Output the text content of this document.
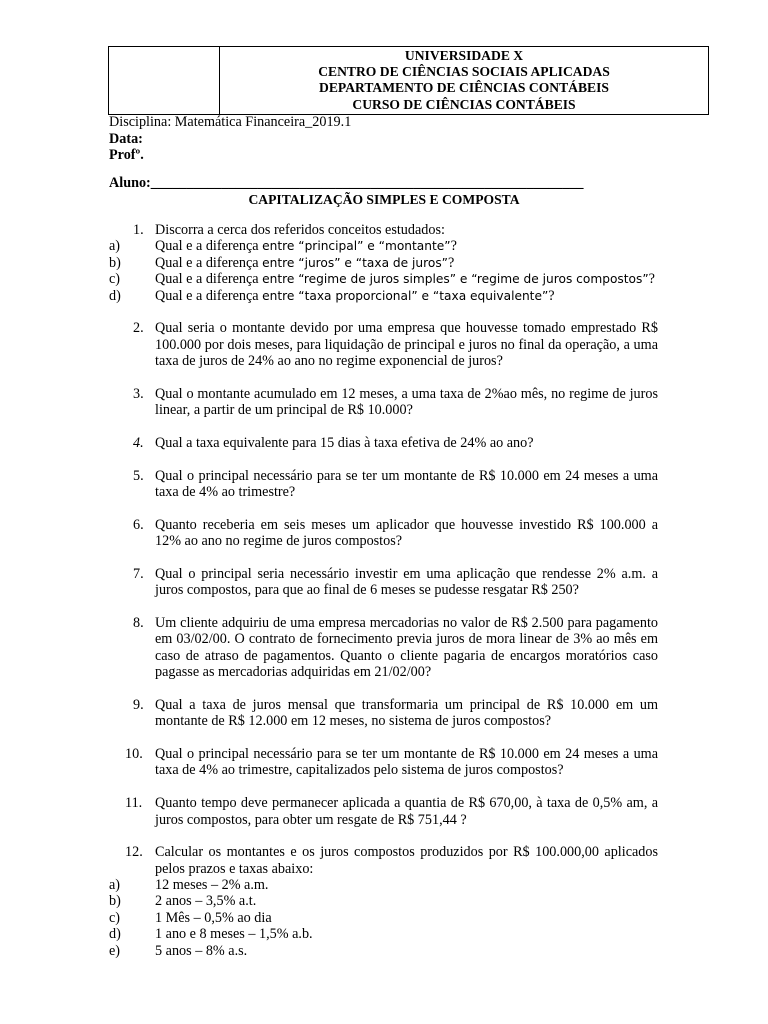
UNIVERSIDADE X
CENTRO DE CIÊNCIAS SOCIAIS APLICADAS
DEPARTAMENTO DE CIÊNCIAS CONTÁBEIS
CURSO DE CIÊNCIAS CONTÁBEIS
Disciplina: Matemática Financeira_2019.1
Data:
Profº.
Aluno:_____________________________________________________________
CAPITALIZAÇÃO SIMPLES E COMPOSTA
1. Discorra a cerca dos referidos conceitos estudados:
a) Qual e a diferença entre “principal” e “montante”?
b) Qual e a diferença entre “juros” e “taxa de juros”?
c) Qual e a diferença entre “regime de juros simples” e “regime de juros compostos”?
d) Qual e a diferença entre “taxa proporcional” e “taxa equivalente”?
2. Qual seria o montante devido por uma empresa que houvesse tomado emprestado R$ 100.000 por dois meses, para liquidação de principal e juros no final da operação, a uma taxa de juros de 24% ao ano no regime exponencial de juros?
3. Qual o montante acumulado em 12 meses, a uma taxa de 2%ao mês, no regime de juros linear, a partir de um principal de R$ 10.000?
4. Qual a taxa equivalente para 15 dias à taxa efetiva de 24% ao ano?
5. Qual o principal necessário para se ter um montante de R$ 10.000 em 24 meses a uma taxa de 4% ao trimestre?
6. Quanto receberia em seis meses um aplicador que houvesse investido R$ 100.000 a 12% ao ano no regime de juros compostos?
7. Qual o principal seria necessário investir em uma aplicação que rendesse 2% a.m. a juros compostos, para que ao final de 6 meses se pudesse resgatar R$ 250?
8. Um cliente adquiriu de uma empresa mercadorias no valor de R$ 2.500 para pagamento em 03/02/00. O contrato de fornecimento previa juros de mora linear de 3% ao mês em caso de atraso de pagamentos. Quanto o cliente pagaria de encargos moratórios caso pagasse as mercadorias adquiridas em 21/02/00?
9. Qual a taxa de juros mensal que transformaria um principal de R$ 10.000 em um montante de R$ 12.000 em 12 meses, no sistema de juros compostos?
10. Qual o principal necessário para se ter um montante de R$ 10.000 em 24 meses a uma taxa de 4% ao trimestre, capitalizados pelo sistema de juros compostos?
11. Quanto tempo deve permanecer aplicada a quantia de R$ 670,00, à taxa de 0,5% am, a juros compostos, para obter um resgate de R$ 751,44 ?
12. Calcular os montantes e os juros compostos produzidos por R$ 100.000,00 aplicados pelos prazos e taxas abaixo:
a) 12 meses – 2% a.m.
b) 2 anos – 3,5% a.t.
c) 1 Mês – 0,5% ao dia
d) 1 ano e 8 meses – 1,5% a.b.
e) 5 anos – 8% a.s.
